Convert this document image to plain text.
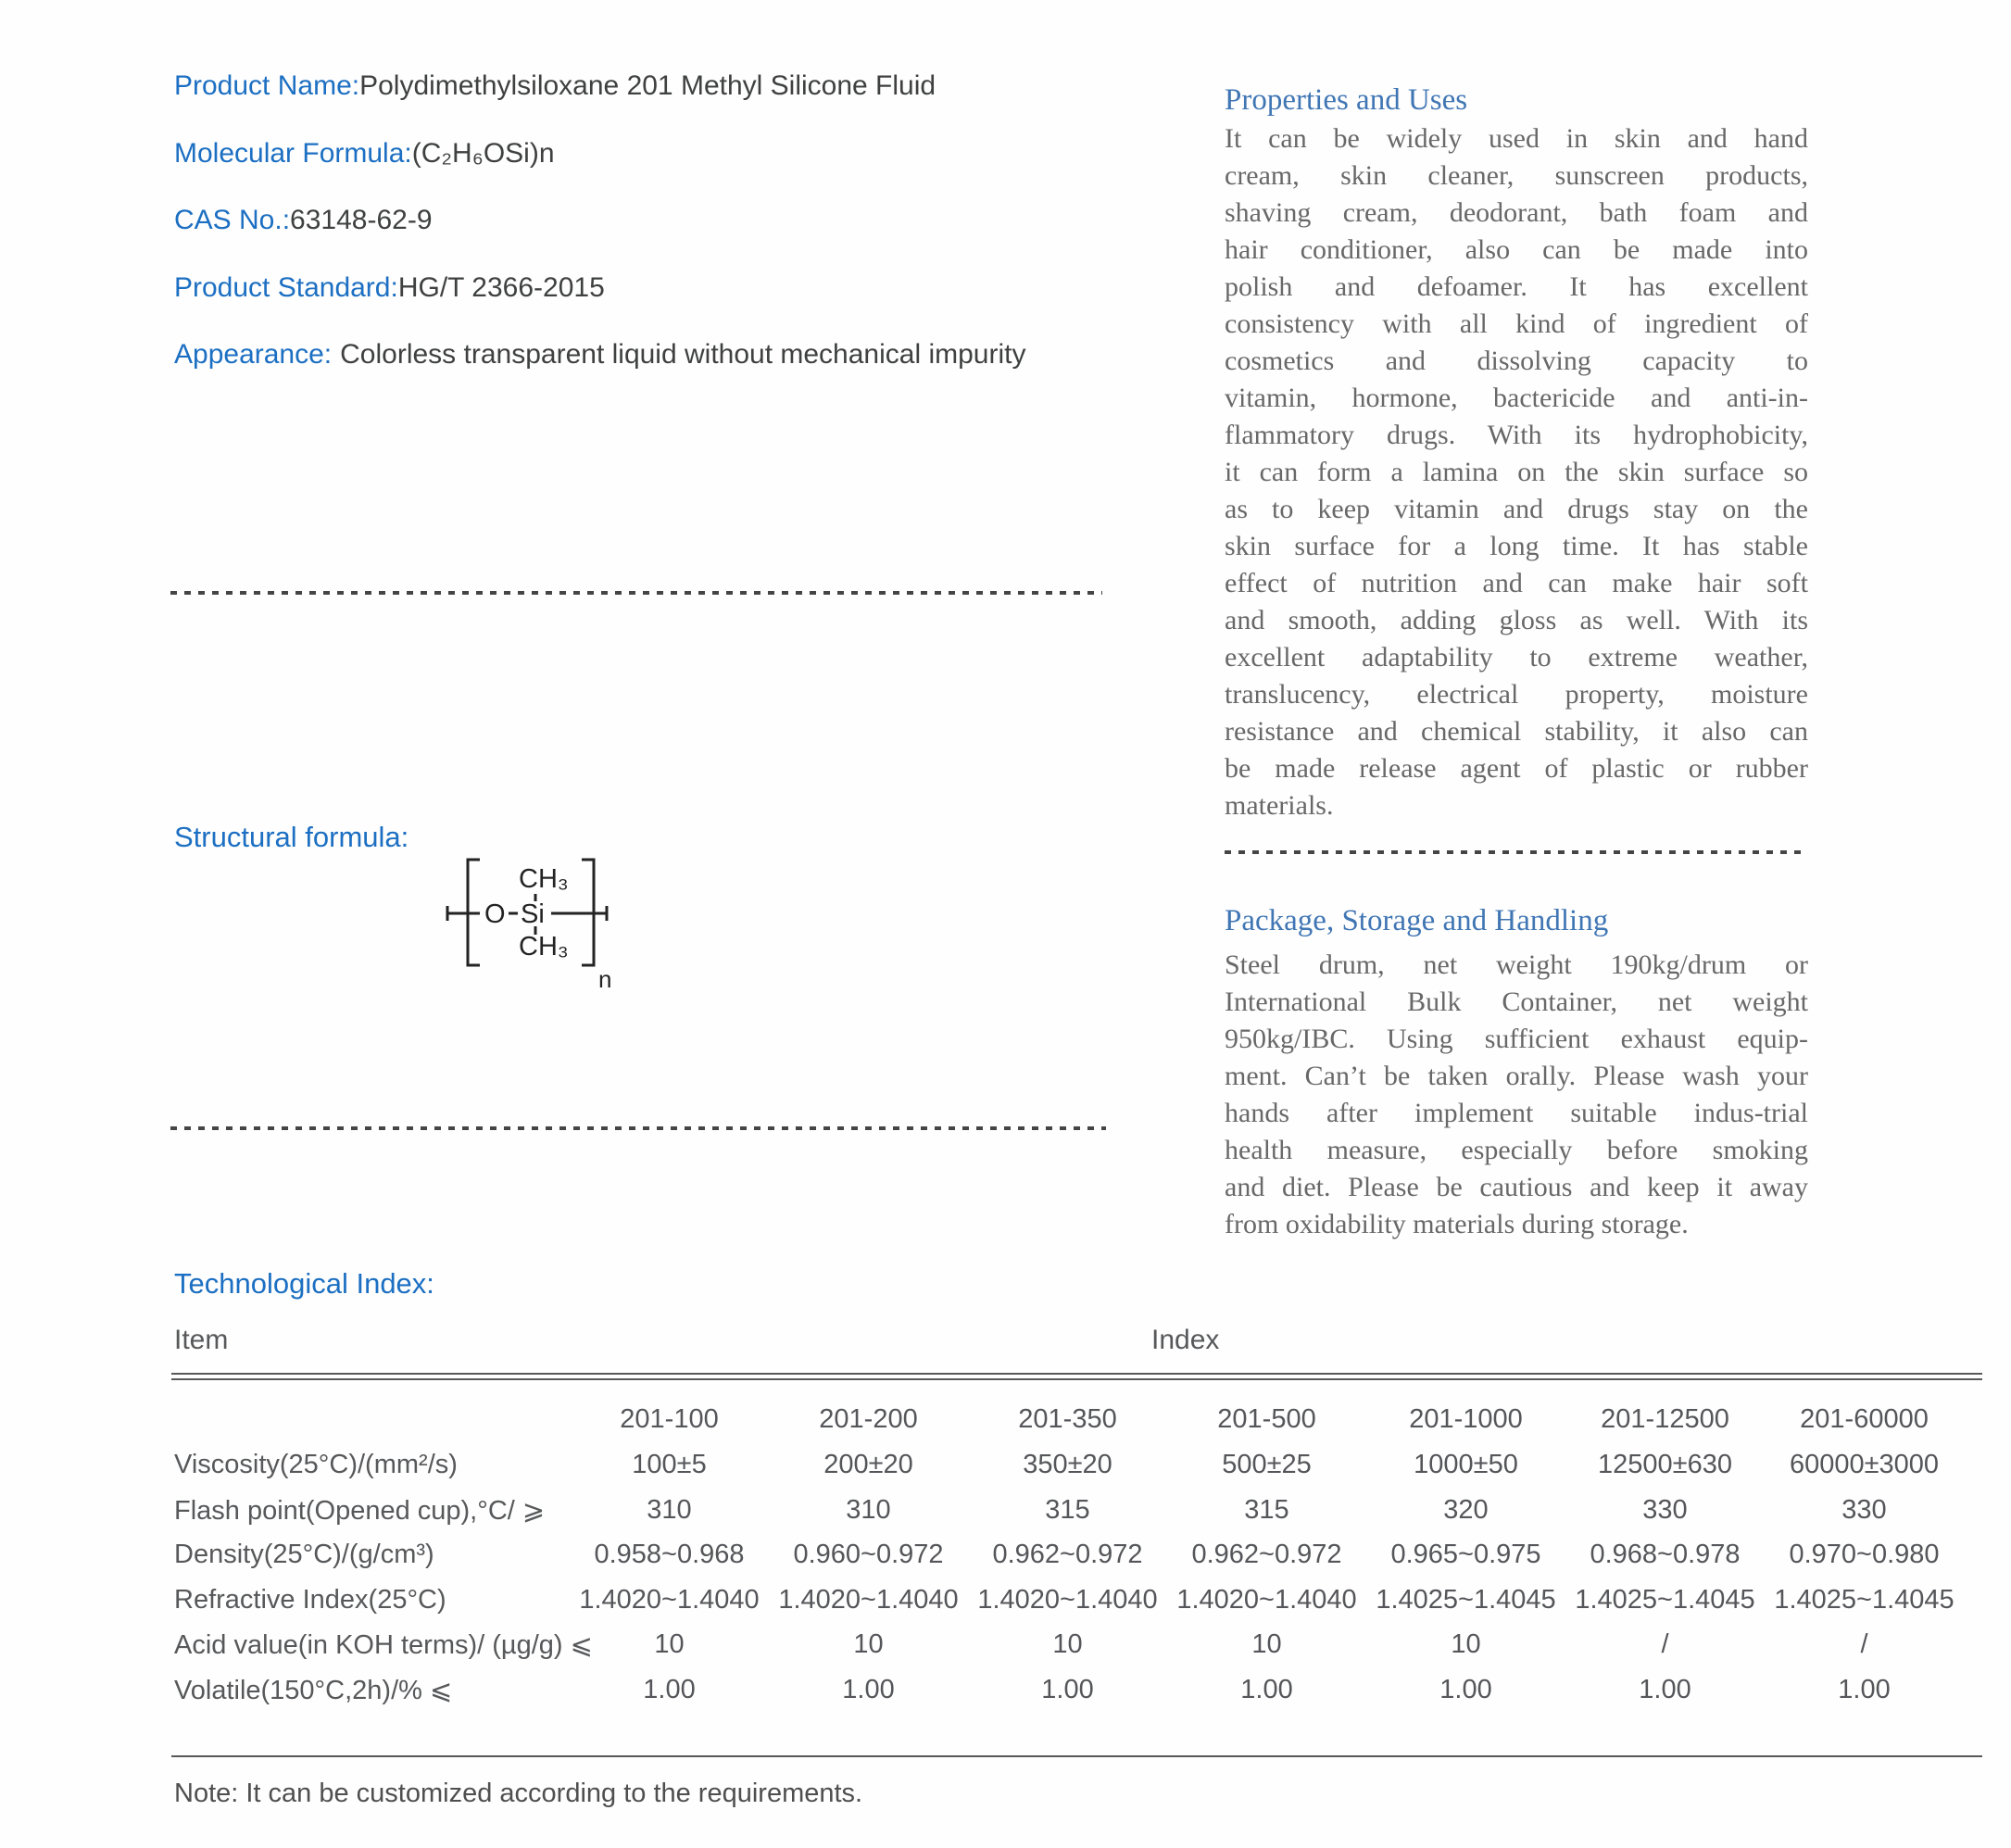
Product Name:Polydimethylsiloxane 201 Methyl Silicone Fluid
Molecular Formula:(C₂H₆OSi)n
CAS No.:63148-62-9
Product Standard:HG/T 2366-2015
Appearance: Colorless transparent liquid without mechanical impurity
Structural formula:
O Si
CH₃
CH₃
n
Properties and Uses
It can be widely used in skin and hand
cream, skin cleaner, sunscreen products,
shaving cream, deodorant, bath foam and
hair conditioner, also can be made into
polish and defoamer. It has excellent
consistency with all kind of ingredient of
cosmetics and dissolving capacity to
vitamin, hormone, bactericide and anti-in-
flammatory drugs. With its hydrophobicity,
it can form a lamina on the skin surface so
as to keep vitamin and drugs stay on the
skin surface for a long time. It has stable
effect of nutrition and can make hair soft
and smooth, adding gloss as well. With its
excellent adaptability to extreme weather,
translucency, electrical property, moisture
resistance and chemical stability, it also can
be made release agent of plastic or rubber
materials.
Package, Storage and Handling
Steel drum, net weight 190kg/drum or
International Bulk Container, net weight
950kg/IBC. Using sufficient exhaust equip-
ment. Can’t be taken orally. Please wash your
hands after implement suitable indus-trial
health measure, especially before smoking
and diet. Please be cautious and keep it away
from oxidability materials during storage.
Technological Index:
Item	Index
201-100	201-200	201-350	201-500	201-1000	201-12500	201-60000
Viscosity(25°C)/(mm²/s)	100±5	200±20	350±20	500±25	1000±50	12500±630	60000±3000
Flash point(Opened cup),°C/ ⩾	310	310	315	315	320	330	330
Density(25°C)/(g/cm³)	0.958~0.968	0.960~0.972	0.962~0.972	0.962~0.972	0.965~0.975	0.968~0.978	0.970~0.980
Refractive Index(25°C)	1.4020~1.4040 1.4020~1.4040 1.4020~1.4040 1.4020~1.4040 1.4025~1.4045 1.4025~1.4045 1.4025~1.4045
Acid value(in KOH terms)/ (µg/g) ⩽	10	10	10	10	10	/	/
Volatile(150°C,2h)/% ⩽	1.00	1.00	1.00	1.00	1.00	1.00	1.00
Note: It can be customized according to the requirements.
